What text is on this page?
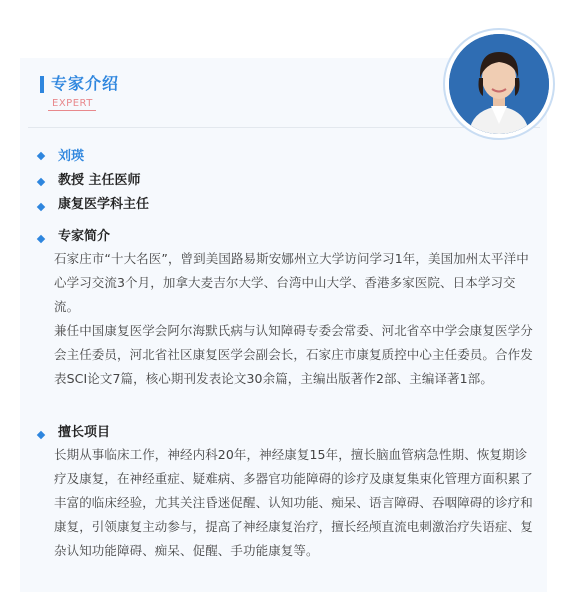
专家介绍
EXPERT
刘瑛
教授 主任医师
康复医学科主任
专家简介
石家庄市“十大名医”，曾到美国路易斯安娜州立大学访问学习1年，美国加州太平洋中心学习交流3个月，加拿大麦吉尔大学、台湾中山大学、香港多家医院、日本学习交流。
兼任中国康复医学会阿尔海默氏病与认知障碍专委会常委、河北省卒中学会康复医学分会主任委员，河北省社区康复医学会副会长，石家庄市康复质控中心主任委员。合作发表SCI论文7篇，核心期刊发表论文30余篇，主编出版著作2部、主编译著1部。
擅长项目
长期从事临床工作，神经内科20年，神经康复15年，擅长脑血管病急性期、恢复期诊疗及康复，在神经重症、疑难病、多器官功能障碍的诊疗及康复集束化管理方面积累了丰富的临床经验，尤其关注昏迷促醒、认知功能、痴呆、语言障碍、吞咽障碍的诊疗和康复，引领康复主动参与，提高了神经康复治疗，擅长经颅直流电刺激治疗失语症、复杂认知功能障碍、痴呆、促醒、手功能康复等。
